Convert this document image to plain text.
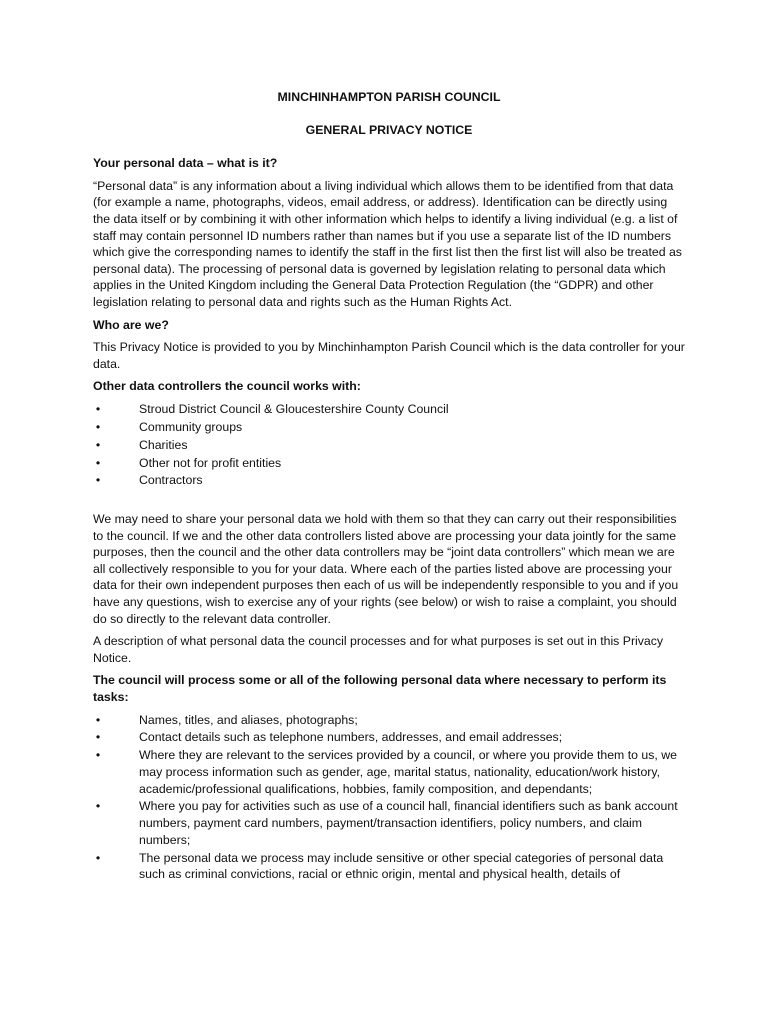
MINCHINHAMPTON PARISH COUNCIL

GENERAL PRIVACY NOTICE

Your personal data – what is it?

“Personal data” is any information about a living individual which allows them to be identified from that data (for example a name, photographs, videos, email address, or address). Identification can be directly using the data itself or by combining it with other information which helps to identify a living individual (e.g. a list of staff may contain personnel ID numbers rather than names but if you use a separate list of the ID numbers which give the corresponding names to identify the staff in the first list then the first list will also be treated as personal data). The processing of personal data is governed by legislation relating to personal data which applies in the United Kingdom including the General Data Protection Regulation (the “GDPR) and other legislation relating to personal data and rights such as the Human Rights Act.

Who are we?

This Privacy Notice is provided to you by Minchinhampton Parish Council which is the data controller for your data.

Other data controllers the council works with:

•	Stroud District Council & Gloucestershire County Council
•	Community groups
•	Charities
•	Other not for profit entities
•	Contractors

We may need to share your personal data we hold with them so that they can carry out their responsibilities to the council. If we and the other data controllers listed above are processing your data jointly for the same purposes, then the council and the other data controllers may be “joint data controllers” which mean we are all collectively responsible to you for your data. Where each of the parties listed above are processing your data for their own independent purposes then each of us will be independently responsible to you and if you have any questions, wish to exercise any of your rights (see below) or wish to raise a complaint, you should do so directly to the relevant data controller.

A description of what personal data the council processes and for what purposes is set out in this Privacy Notice.

The council will process some or all of the following personal data where necessary to perform its tasks:

•	Names, titles, and aliases, photographs;
•	Contact details such as telephone numbers, addresses, and email addresses;
•	Where they are relevant to the services provided by a council, or where you provide them to us, we may process information such as gender, age, marital status, nationality, education/work history, academic/professional qualifications, hobbies, family composition, and dependants;
•	Where you pay for activities such as use of a council hall, financial identifiers such as bank account numbers, payment card numbers, payment/transaction identifiers, policy numbers, and claim numbers;
•	The personal data we process may include sensitive or other special categories of personal data such as criminal convictions, racial or ethnic origin, mental and physical health, details of
